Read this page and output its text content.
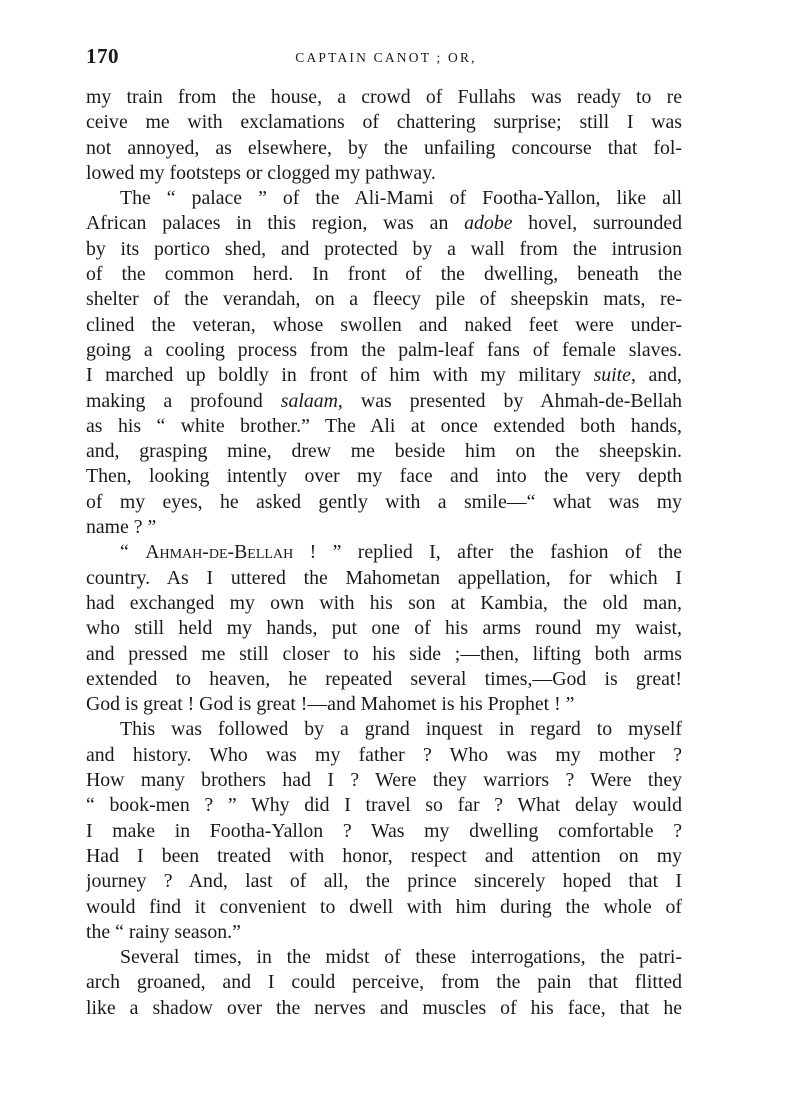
170	CAPTAIN CANOT ; OR,
my train from the house, a crowd of Fullahs was ready to re
ceive me with exclamations of chattering surprise; still I was
not annoyed, as elsewhere, by the unfailing concourse that fol-
lowed my footsteps or clogged my pathway.
The “ palace ” of the Ali-Mami of Footha-Yallon, like all
African palaces in this region, was an adobe hovel, surrounded
by its portico shed, and protected by a wall from the intrusion
of the common herd. In front of the dwelling, beneath the
shelter of the verandah, on a fleecy pile of sheepskin mats, re-
clined the veteran, whose swollen and naked feet were under-
going a cooling process from the palm-leaf fans of female slaves.
I marched up boldly in front of him with my military suite, and,
making a profound salaam, was presented by Ahmah-de-Bellah
as his “ white brother.” The Ali at once extended both hands,
and, grasping mine, drew me beside him on the sheepskin.
Then, looking intently over my face and into the very depth
of my eyes, he asked gently with a smile—“ what was my
name ? ”
“ Ahmah-de-Bellah ! ” replied I, after the fashion of the
country. As I uttered the Mahometan appellation, for which I
had exchanged my own with his son at Kambia, the old man,
who still held my hands, put one of his arms round my waist,
and pressed me still closer to his side ;—then, lifting both arms
extended to heaven, he repeated several times,—God is great!
God is great ! God is great !—and Mahomet is his Prophet ! ”
This was followed by a grand inquest in regard to myself
and history. Who was my father ? Who was my mother ?
How many brothers had I ? Were they warriors ? Were they
“ book-men ? ” Why did I travel so far ? What delay would
I make in Footha-Yallon ? Was my dwelling comfortable ?
Had I been treated with honor, respect and attention on my
journey ? And, last of all, the prince sincerely hoped that I
would find it convenient to dwell with him during the whole of
the “ rainy season.”
Several times, in the midst of these interrogations, the patri-
arch groaned, and I could perceive, from the pain that flitted
like a shadow over the nerves and muscles of his face, that he
